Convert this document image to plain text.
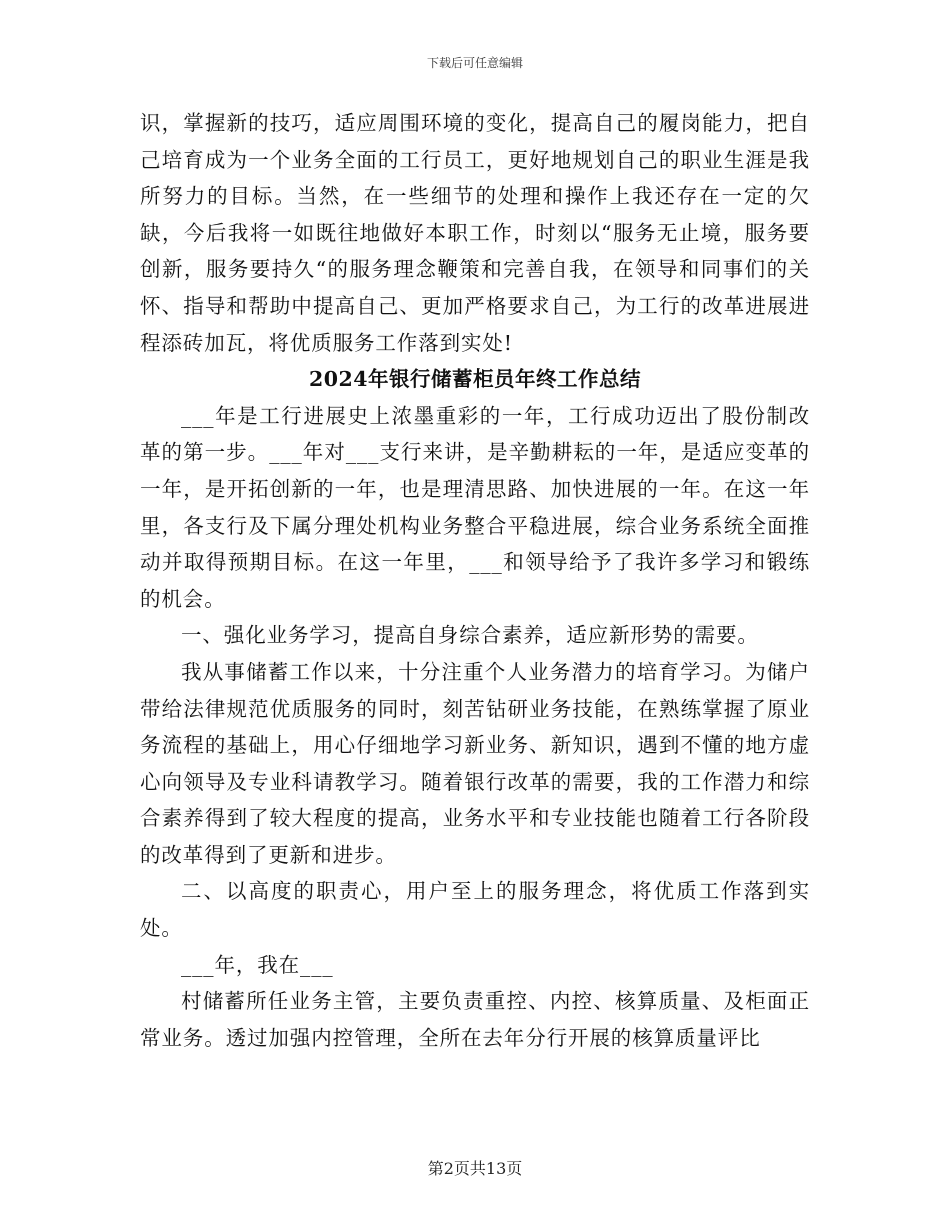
下载后可任意编辑

识，掌握新的技巧，适应周围环境的变化，提高自己的履岗能力，把自己培育成为一个业务全面的工行员工，更好地规划自己的职业生涯是我所努力的目标。当然，在一些细节的处理和操作上我还存在一定的欠缺，今后我将一如既往地做好本职工作，时刻以“服务无止境，服务要创新，服务要持久“的服务理念鞭策和完善自我，在领导和同事们的关怀、指导和帮助中提高自己、更加严格要求自己，为工行的改革进展进程添砖加瓦，将优质服务工作落到实处!

2024年银行储蓄柜员年终工作总结

___年是工行进展史上浓墨重彩的一年，工行成功迈出了股份制改革的第一步。___年对___支行来讲，是辛勤耕耘的一年，是适应变革的一年，是开拓创新的一年，也是理清思路、加快进展的一年。在这一年里，各支行及下属分理处机构业务整合平稳进展，综合业务系统全面推动并取得预期目标。在这一年里，___和领导给予了我许多学习和锻练的机会。

一、强化业务学习，提高自身综合素养，适应新形势的需要。

我从事储蓄工作以来，十分注重个人业务潜力的培育学习。为储户带给法律规范优质服务的同时，刻苦钻研业务技能，在熟练掌握了原业务流程的基础上，用心仔细地学习新业务、新知识，遇到不懂的地方虚心向领导及专业科请教学习。随着银行改革的需要，我的工作潜力和综合素养得到了较大程度的提高，业务水平和专业技能也随着工行各阶段的改革得到了更新和进步。

二、以高度的职责心，用户至上的服务理念，将优质工作落到实处。

___年，我在___

村储蓄所任业务主管，主要负责重控、内控、核算质量、及柜面正常业务。透过加强内控管理，全所在去年分行开展的核算质量评比

第2页共13页
